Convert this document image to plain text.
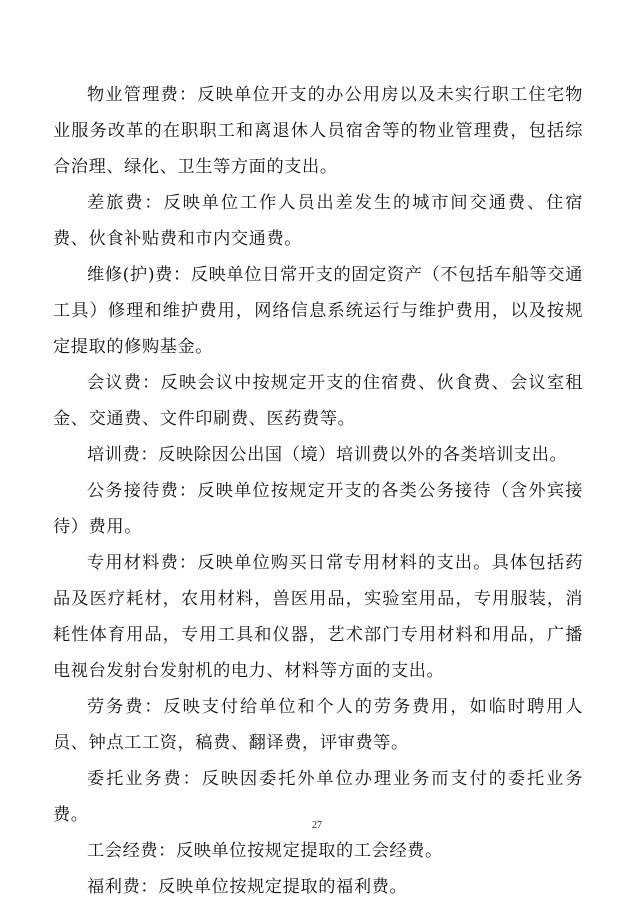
物业管理费：反映单位开支的办公用房以及未实行职工住宅物业服务改革的在职职工和离退休人员宿舍等的物业管理费，包括综合治理、绿化、卫生等方面的支出。

差旅费：反映单位工作人员出差发生的城市间交通费、住宿费、伙食补贴费和市内交通费。

维修(护)费：反映单位日常开支的固定资产（不包括车船等交通工具）修理和维护费用，网络信息系统运行与维护费用，以及按规定提取的修购基金。

会议费：反映会议中按规定开支的住宿费、伙食费、会议室租金、交通费、文件印刷费、医药费等。

培训费：反映除因公出国（境）培训费以外的各类培训支出。

公务接待费：反映单位按规定开支的各类公务接待（含外宾接待）费用。

专用材料费：反映单位购买日常专用材料的支出。具体包括药品及医疗耗材，农用材料，兽医用品，实验室用品，专用服装，消耗性体育用品，专用工具和仪器，艺术部门专用材料和用品，广播电视台发射台发射机的电力、材料等方面的支出。

劳务费：反映支付给单位和个人的劳务费用，如临时聘用人员、钟点工工资，稿费、翻译费，评审费等。

委托业务费：反映因委托外单位办理业务而支付的委托业务费。

工会经费：反映单位按规定提取的工会经费。

福利费：反映单位按规定提取的福利费。

27
